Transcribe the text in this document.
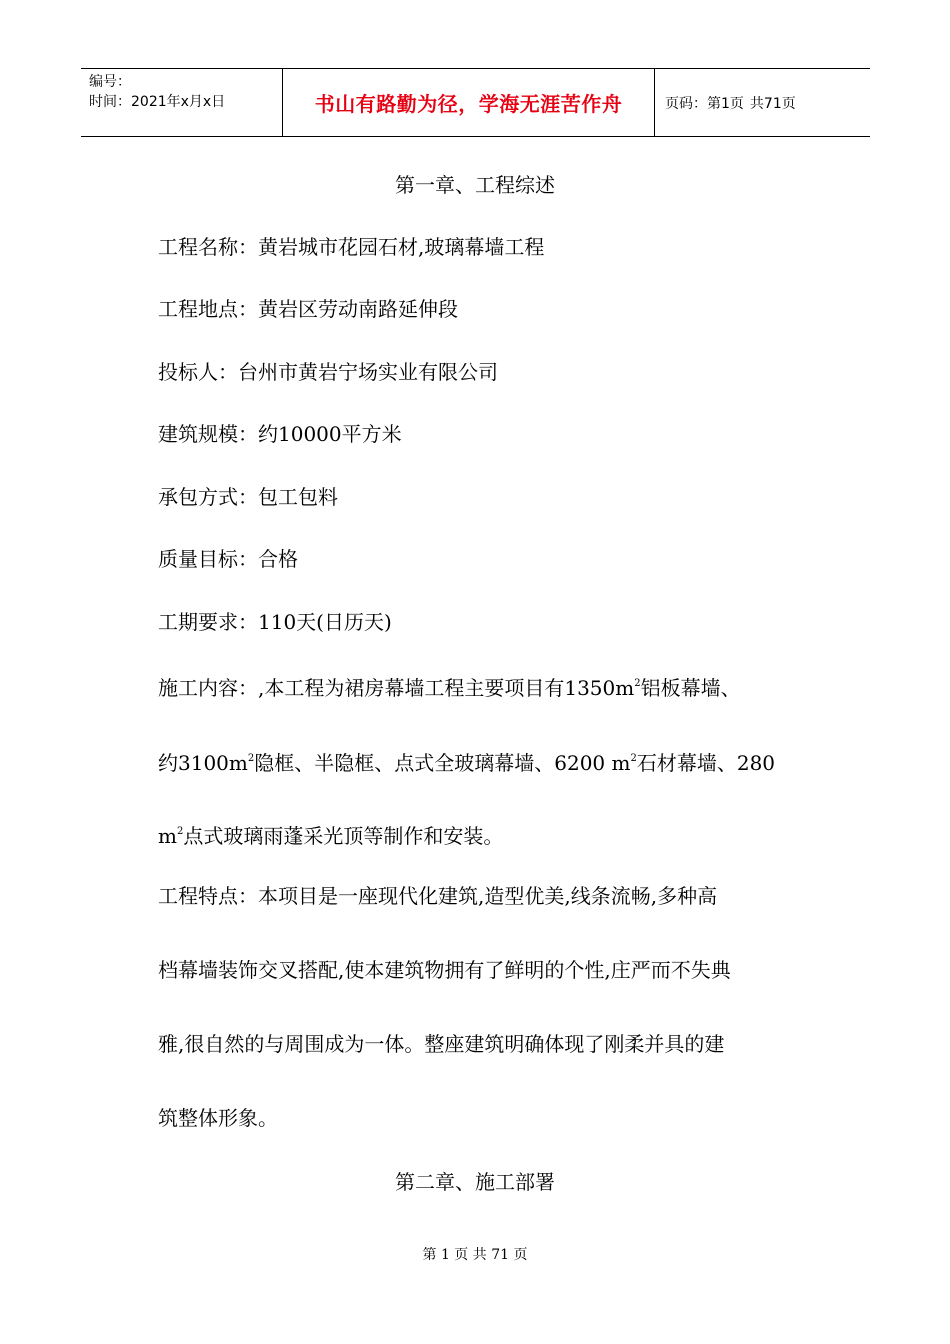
编号：
时间：2021年x月x日	书山有路勤为径，学海无涯苦作舟	页码：第1页 共71页
第一章、工程综述
工程名称：黄岩城市花园石材,玻璃幕墙工程
工程地点：黄岩区劳动南路延伸段
投标人：台州市黄岩宁场实业有限公司
建筑规模：约10000平方米
承包方式：包工包料
质量目标：合格
工期要求：110天(日历天)
施工内容：,本工程为裙房幕墙工程主要项目有$1350m^2$铝板幕墙、
约$3100m^2$隐框、半隐框、点式全玻璃幕墙、6200 $m^2$石材幕墙、280
$m^2$点式玻璃雨蓬采光顶等制作和安装。
工程特点：本项目是一座现代化建筑,造型优美,线条流畅,多种高
档幕墙装饰交叉搭配,使本建筑物拥有了鲜明的个性,庄严而不失典
雅,很自然的与周围成为一体。整座建筑明确体现了刚柔并具的建
筑整体形象。
第二章、施工部署
第 1 页 共 71 页
